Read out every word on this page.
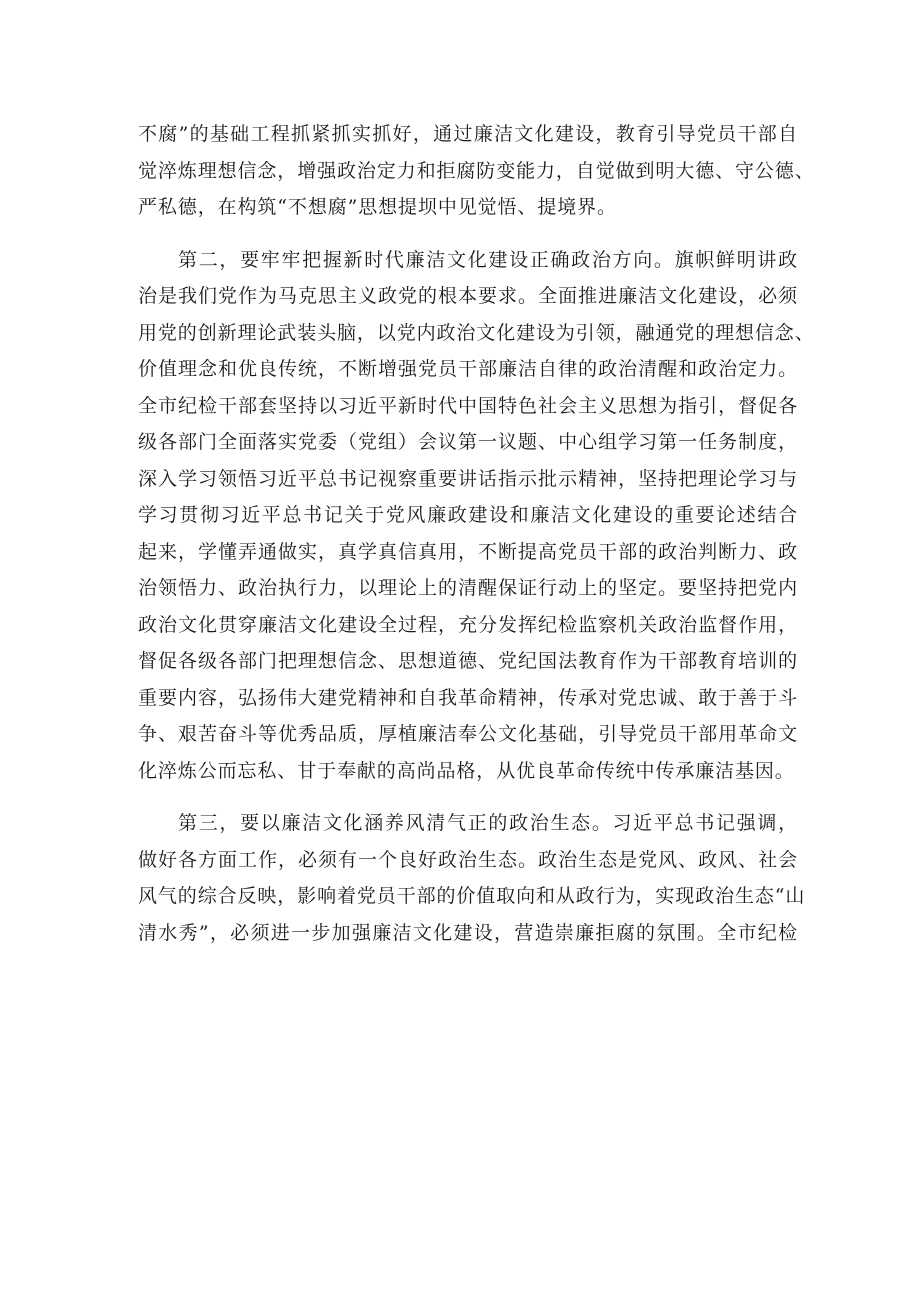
不腐”的基础工程抓紧抓实抓好，通过廉洁文化建设，教育引导党员干部自
觉淬炼理想信念，增强政治定力和拒腐防变能力，自觉做到明大德、守公德、
严私德，在构筑“不想腐”思想提坝中见觉悟、提境界。
第二，要牢牢把握新时代廉洁文化建设正确政治方向。旗帜鲜明讲政
治是我们党作为马克思主义政党的根本要求。全面推进廉洁文化建设，必须
用党的创新理论武装头脑，以党内政治文化建设为引领，融通党的理想信念、
价值理念和优良传统，不断增强党员干部廉洁自律的政治清醒和政治定力。
全市纪检干部套坚持以习近平新时代中国特色社会主义思想为指引，督促各
级各部门全面落实党委（党组）会议第一议题、中心组学习第一任务制度，
深入学习领悟习近平总书记视察重要讲话指示批示精神，坚持把理论学习与
学习贯彻习近平总书记关于党风廉政建设和廉洁文化建设的重要论述结合
起来，学懂弄通做实，真学真信真用，不断提高党员干部的政治判断力、政
治领悟力、政治执行力，以理论上的清醒保证行动上的坚定。要坚持把党内
政治文化贯穿廉洁文化建设全过程，充分发挥纪检监察机关政治监督作用，
督促各级各部门把理想信念、思想道德、党纪国法教育作为干部教育培训的
重要内容，弘扬伟大建党精神和自我革命精神，传承对党忠诚、敢于善于斗
争、艰苦奋斗等优秀品质，厚植廉洁奉公文化基础，引导党员干部用革命文
化淬炼公而忘私、甘于奉献的高尚品格，从优良革命传统中传承廉洁基因。
第三，要以廉洁文化涵养风清气正的政治生态。习近平总书记强调，
做好各方面工作，必须有一个良好政治生态。政治生态是党风、政风、社会
风气的综合反映，影响着党员干部的价值取向和从政行为，实现政治生态“山
清水秀”，必须进一步加强廉洁文化建设，营造崇廉拒腐的氛围。全市纪检
